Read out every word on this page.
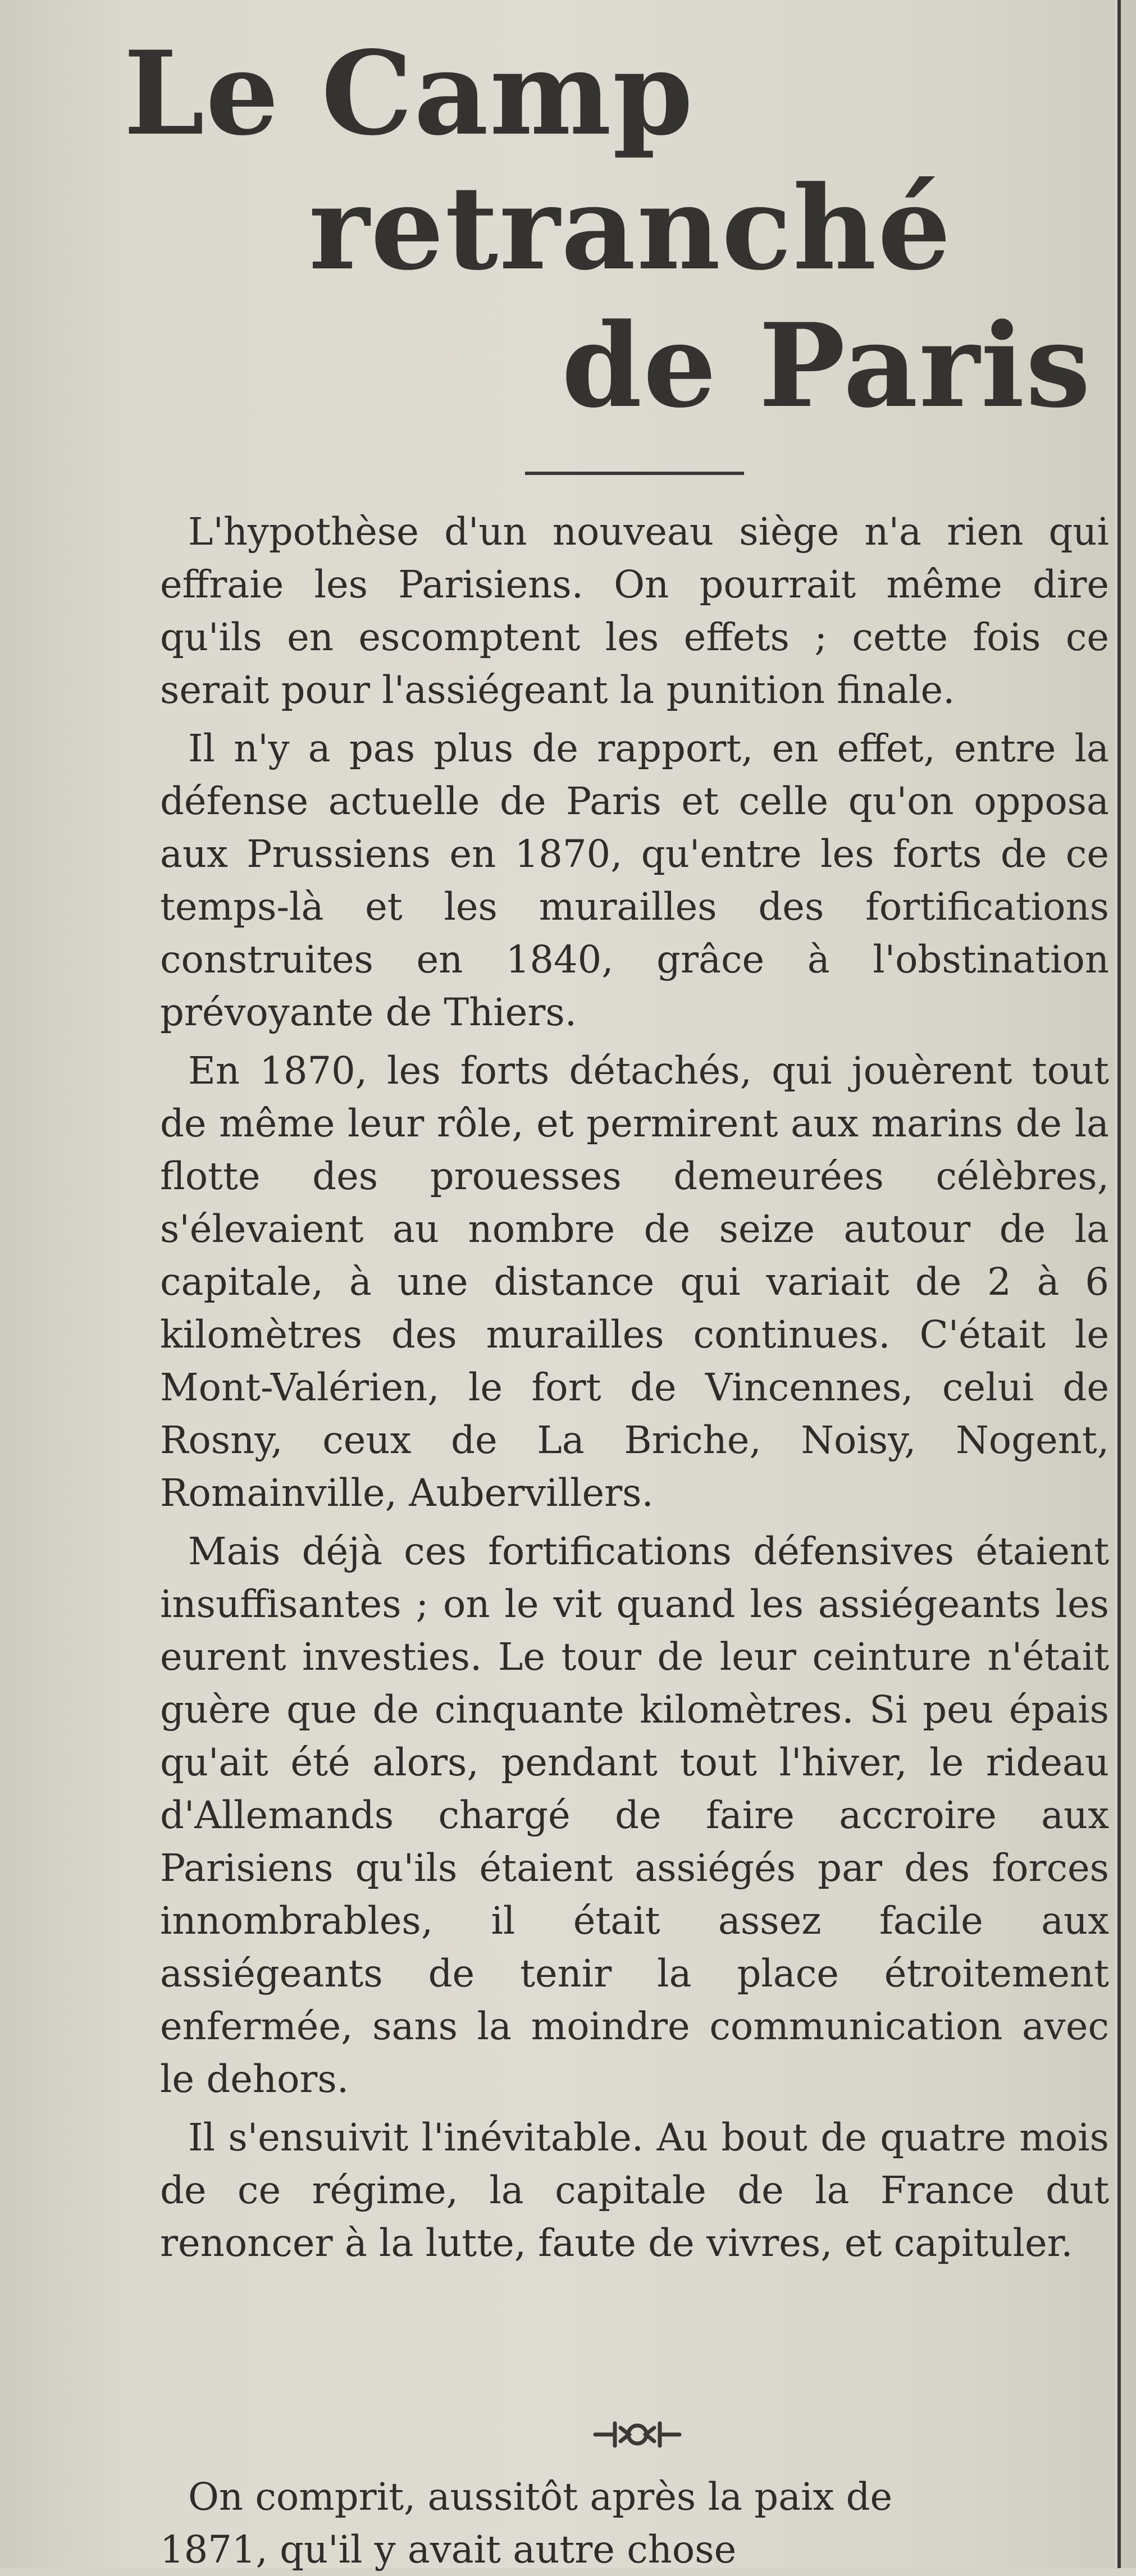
Le Camp
retranché
de Paris

L'hypothèse d'un nouveau siège n'a rien qui effraie les Parisiens. On pourrait même dire qu'ils en escomptent les effets ; cette fois ce serait pour l'assiégeant la punition finale.

Il n'y a pas plus de rapport, en effet, entre la défense actuelle de Paris et celle qu'on opposa aux Prussiens en 1870, qu'entre les forts de ce temps-là et les murailles des fortifications construites en 1840, grâce à l'obstination prévoyante de Thiers.

En 1870, les forts détachés, qui jouèrent tout de même leur rôle, et permirent aux marins de la flotte des prouesses demeurées célèbres, s'élevaient au nombre de seize autour de la capitale, à une distance qui variait de 2 à 6 kilomètres des murailles continues. C'était le Mont-Valérien, le fort de Vincennes, celui de Rosny, ceux de La Briche, Noisy, Nogent, Romainville, Aubervillers.

Mais déjà ces fortifications défensives étaient insuffisantes ; on le vit quand les assiégeants les eurent investies. Le tour de leur ceinture n'était guère que de cinquante kilomètres. Si peu épais qu'ait été alors, pendant tout l'hiver, le rideau d'Allemands chargé de faire accroire aux Parisiens qu'ils étaient assiégés par des forces innombrables, il était assez facile aux assiégeants de tenir la place étroitement enfermée, sans la moindre communication avec le dehors.

Il s'ensuivit l'inévitable. Au bout de quatre mois de ce régime, la capitale de la France dut renoncer à la lutte, faute de vivres, et capituler.

On comprit, aussitôt après la paix de

1871, qu'il y avait autre chose
